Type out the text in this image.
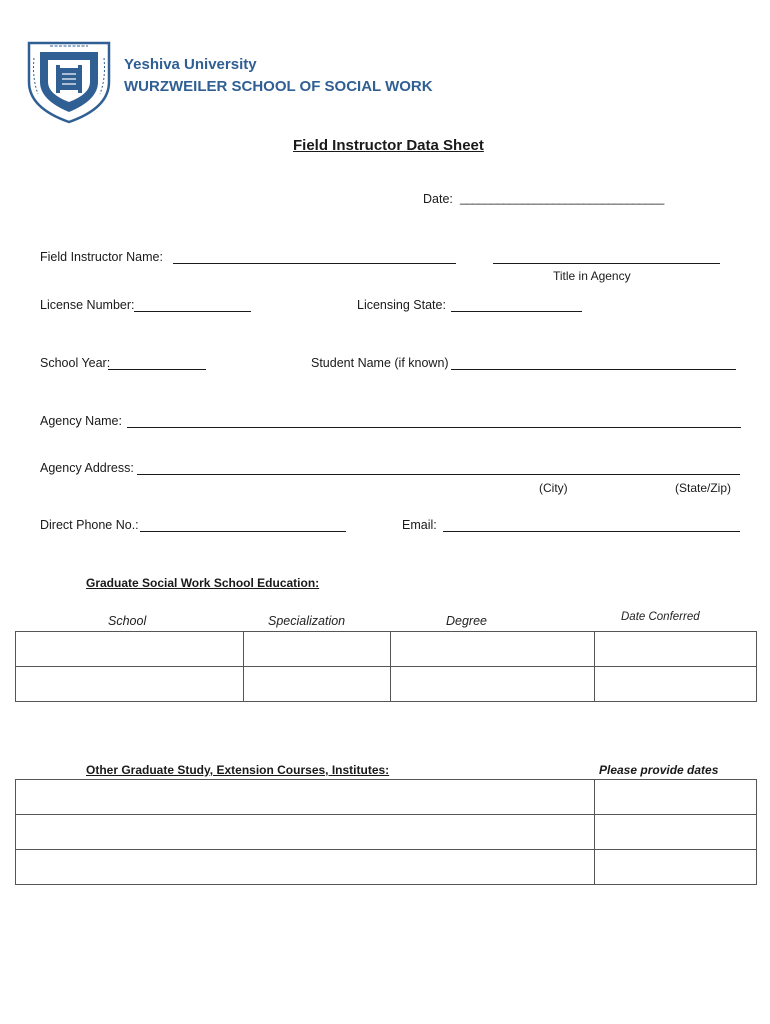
Yeshiva University
WURZWEILER SCHOOL OF SOCIAL WORK
Field Instructor Data Sheet
Date: _________________________________
Field Instructor Name:
Title in Agency
License Number:	Licensing State:
School Year:	Student Name (if known)
Agency Name:
Agency Address:
(City)	(State/Zip)
Direct Phone No.:	Email:
Graduate Social Work School Education:
School	Specialization	Degree	Date Conferred

Other Graduate Study, Extension Courses, Institutes:	Please provide dates
